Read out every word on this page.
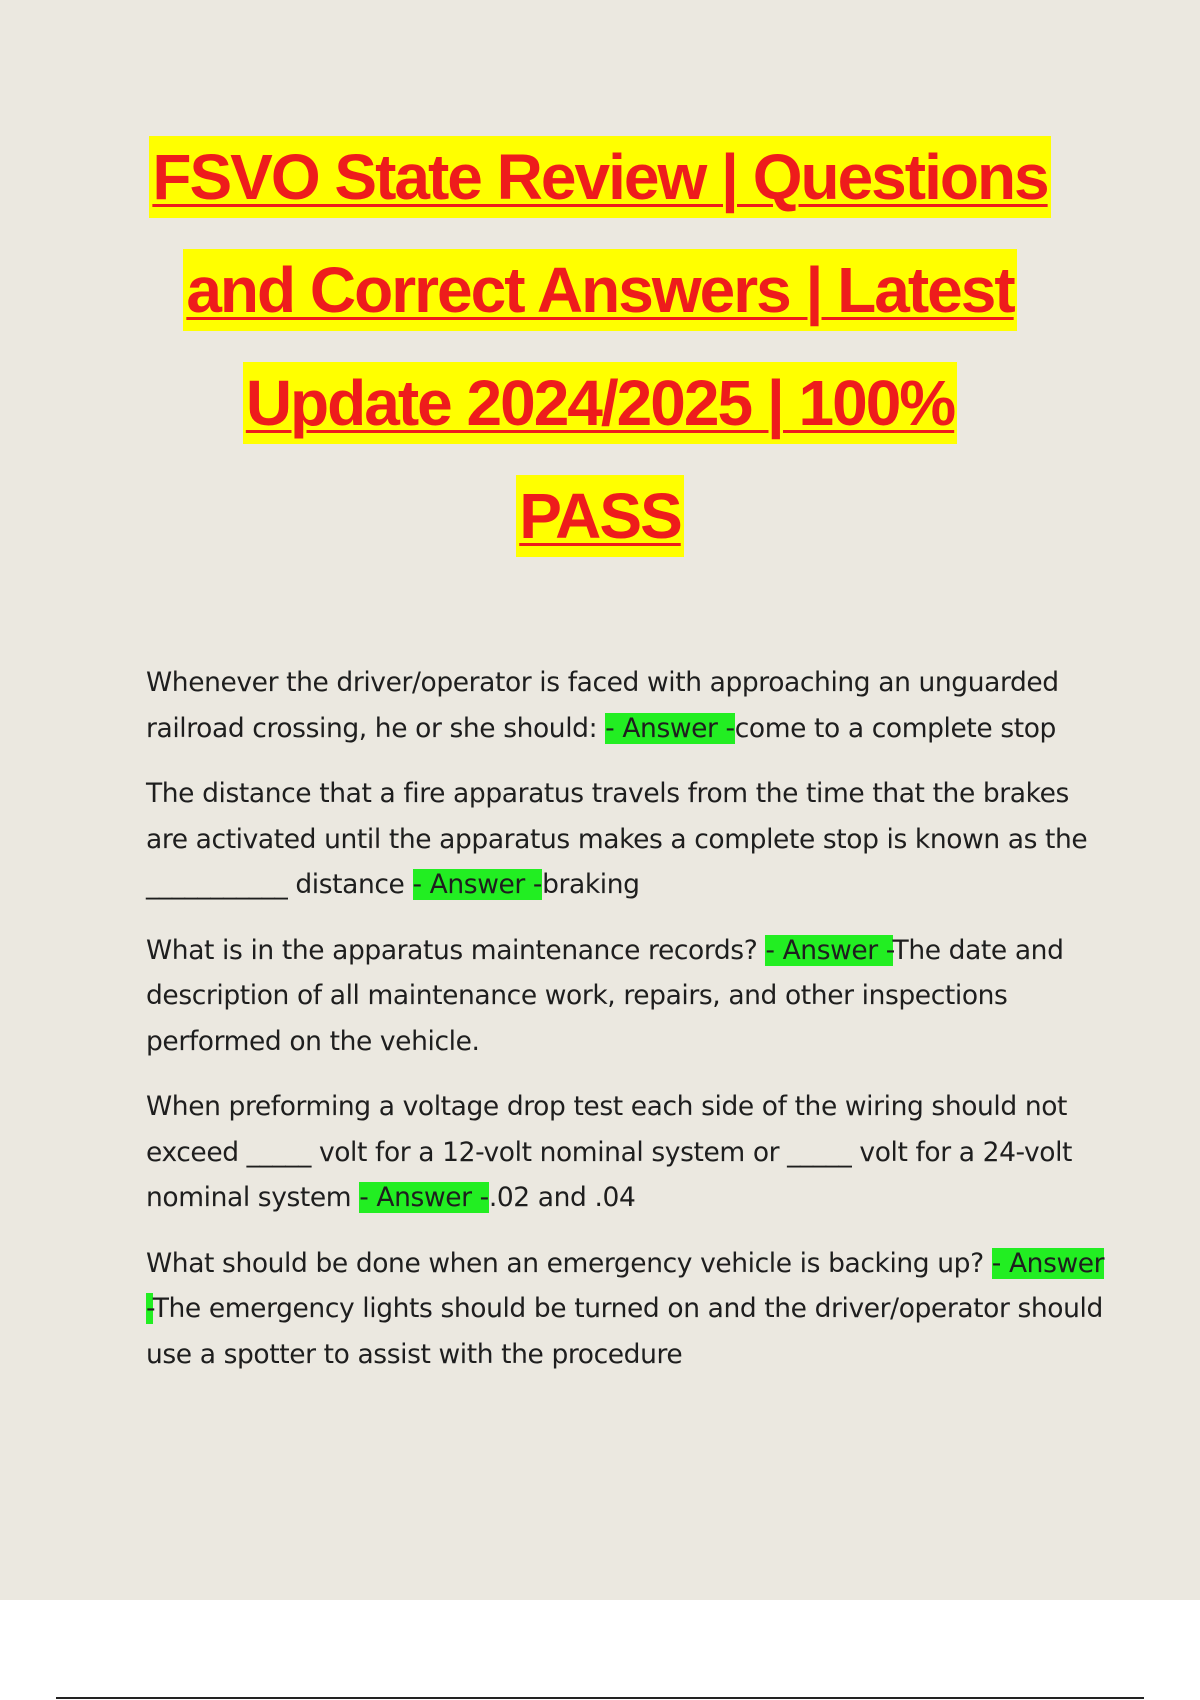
FSVO State Review | Questions
and Correct Answers | Latest
Update 2024/2025 | 100%
PASS

Whenever the driver/operator is faced with approaching an unguarded railroad crossing, he or she should: - Answer -come to a complete stop

The distance that a fire apparatus travels from the time that the brakes are activated until the apparatus makes a complete stop is known as the ___________ distance - Answer -braking

What is in the apparatus maintenance records? - Answer -The date and description of all maintenance work, repairs, and other inspections performed on the vehicle.

When preforming a voltage drop test each side of the wiring should not exceed _____ volt for a 12-volt nominal system or _____ volt for a 24-volt nominal system - Answer -.02 and .04

What should be done when an emergency vehicle is backing up? - Answer -The emergency lights should be turned on and the driver/operator should use a spotter to assist with the procedure
